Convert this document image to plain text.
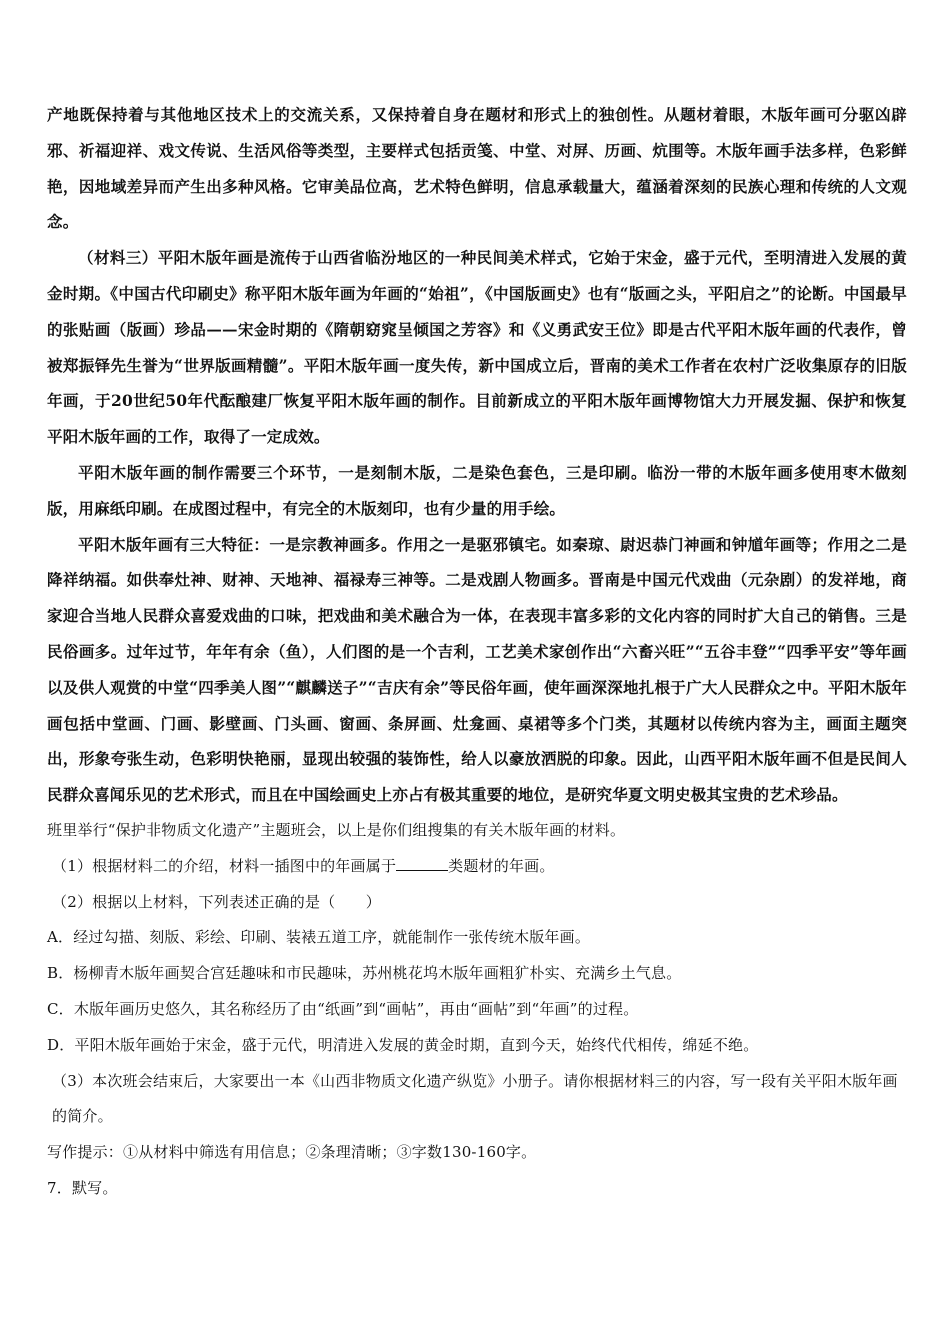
产地既保持着与其他地区技术上的交流关系，又保持着自身在题材和形式上的独创性。从题材着眼，木版年画可分驱凶辟邪、祈福迎祥、戏文传说、生活风俗等类型，主要样式包括贡笺、中堂、对屏、历画、炕围等。木版年画手法多样，色彩鲜艳，因地域差异而产生出多种风格。它审美品位高，艺术特色鲜明，信息承载量大，蕴涵着深刻的民族心理和传统的人文观念。

（材料三）平阳木版年画是流传于山西省临汾地区的一种民间美术样式，它始于宋金，盛于元代，至明清进入发展的黄金时期。《中国古代印刷史》称平阳木版年画为年画的“始祖”，《中国版画史》也有“版画之头，平阳启之”的论断。中国最早的张贴画（版画）珍品——宋金时期的《隋朝窈窕呈倾国之芳容》和《义勇武安王位》即是古代平阳木版年画的代表作，曾被郑振铎先生誉为“世界版画精髓”。平阳木版年画一度失传，新中国成立后，晋南的美术工作者在农村广泛收集原存的旧版年画，于20世纪50年代酝酿建厂恢复平阳木版年画的制作。目前新成立的平阳木版年画博物馆大力开展发掘、保护和恢复平阳木版年画的工作，取得了一定成效。

平阳木版年画的制作需要三个环节，一是刻制木版，二是染色套色，三是印刷。临汾一带的木版年画多使用枣木做刻版，用麻纸印刷。在成图过程中，有完全的木版刻印，也有少量的用手绘。

平阳木版年画有三大特征：一是宗教神画多。作用之一是驱邪镇宅。如秦琼、尉迟恭门神画和钟馗年画等；作用之二是降祥纳福。如供奉灶神、财神、天地神、福禄寿三神等。二是戏剧人物画多。晋南是中国元代戏曲（元杂剧）的发祥地，商家迎合当地人民群众喜爱戏曲的口味，把戏曲和美术融合为一体，在表现丰富多彩的文化内容的同时扩大自己的销售。三是民俗画多。过年过节，年年有余（鱼），人们图的是一个吉利，工艺美术家创作出“六畜兴旺”“五谷丰登”“四季平安”等年画以及供人观赏的中堂“四季美人图”“麒麟送子”“吉庆有余”等民俗年画，使年画深深地扎根于广大人民群众之中。平阳木版年画包括中堂画、门画、影壁画、门头画、窗画、条屏画、灶龛画、桌裙等多个门类，其题材以传统内容为主，画面主题突出，形象夸张生动，色彩明快艳丽，显现出较强的装饰性，给人以豪放洒脱的印象。因此，山西平阳木版年画不但是民间人民群众喜闻乐见的艺术形式，而且在中国绘画史上亦占有极其重要的地位，是研究华夏文明史极其宝贵的艺术珍品。

班里举行“保护非物质文化遗产”主题班会，以上是你们组搜集的有关木版年画的材料。

（1）根据材料二的介绍，材料一插图中的年画属于	类题材的年画。

（2）根据以上材料，下列表述正确的是（　　）

A．经过勾描、刻版、彩绘、印刷、装裱五道工序，就能制作一张传统木版年画。

B．杨柳青木版年画契合宫廷趣味和市民趣味，苏州桃花坞木版年画粗犷朴实、充满乡土气息。

C．木版年画历史悠久，其名称经历了由“纸画”到“画帖”，再由“画帖”到“年画”的过程。

D．平阳木版年画始于宋金，盛于元代，明清进入发展的黄金时期，直到今天，始终代代相传，绵延不绝。

（3）本次班会结束后，大家要出一本《山西非物质文化遗产纵览》小册子。请你根据材料三的内容，写一段有关平阳木版年画的简介。

写作提示：①从材料中筛选有用信息；②条理清晰；③字数130-160字。

7．默写。
